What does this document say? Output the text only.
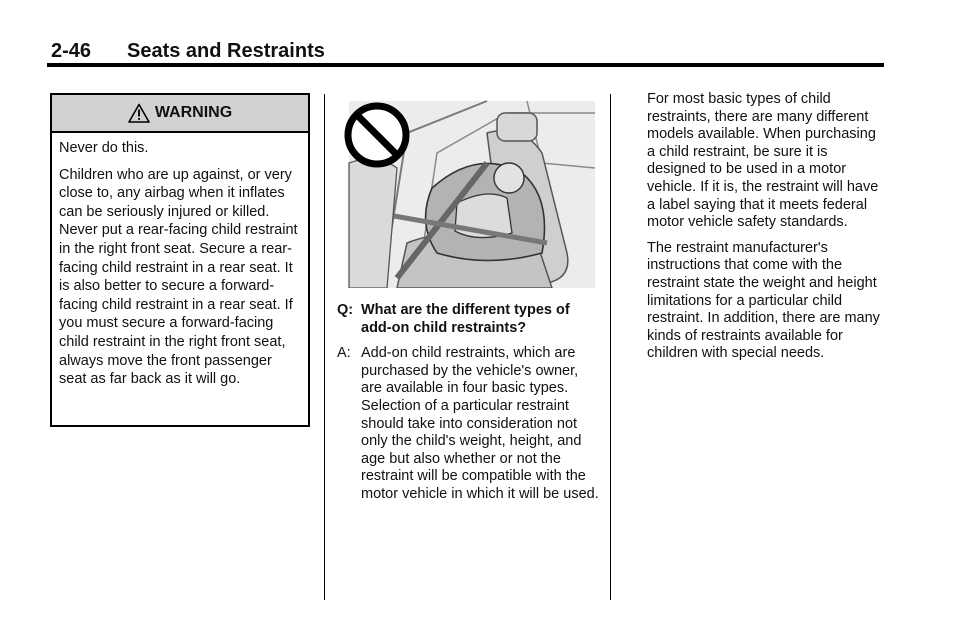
2-46 Seats and Restraints
WARNING

Never do this.

Children who are up against, or very close to, any airbag when it inflates can be seriously injured or killed. Never put a rear-facing child restraint in the right front seat. Secure a rear-facing child restraint in a rear seat. It is also better to secure a forward-facing child restraint in a rear seat. If you must secure a forward-facing child restraint in the right front seat, always move the front passenger seat as far back as it will go.

Q: What are the different types of add-on child restraints?
A: Add-on child restraints, which are purchased by the vehicle's owner, are available in four basic types. Selection of a particular restraint should take into consideration not only the child's weight, height, and age but also whether or not the restraint will be compatible with the motor vehicle in which it will be used.

For most basic types of child restraints, there are many different models available. When purchasing a child restraint, be sure it is designed to be used in a motor vehicle. If it is, the restraint will have a label saying that it meets federal motor vehicle safety standards.

The restraint manufacturer's instructions that come with the restraint state the weight and height limitations for a particular child restraint. In addition, there are many kinds of restraints available for children with special needs.
